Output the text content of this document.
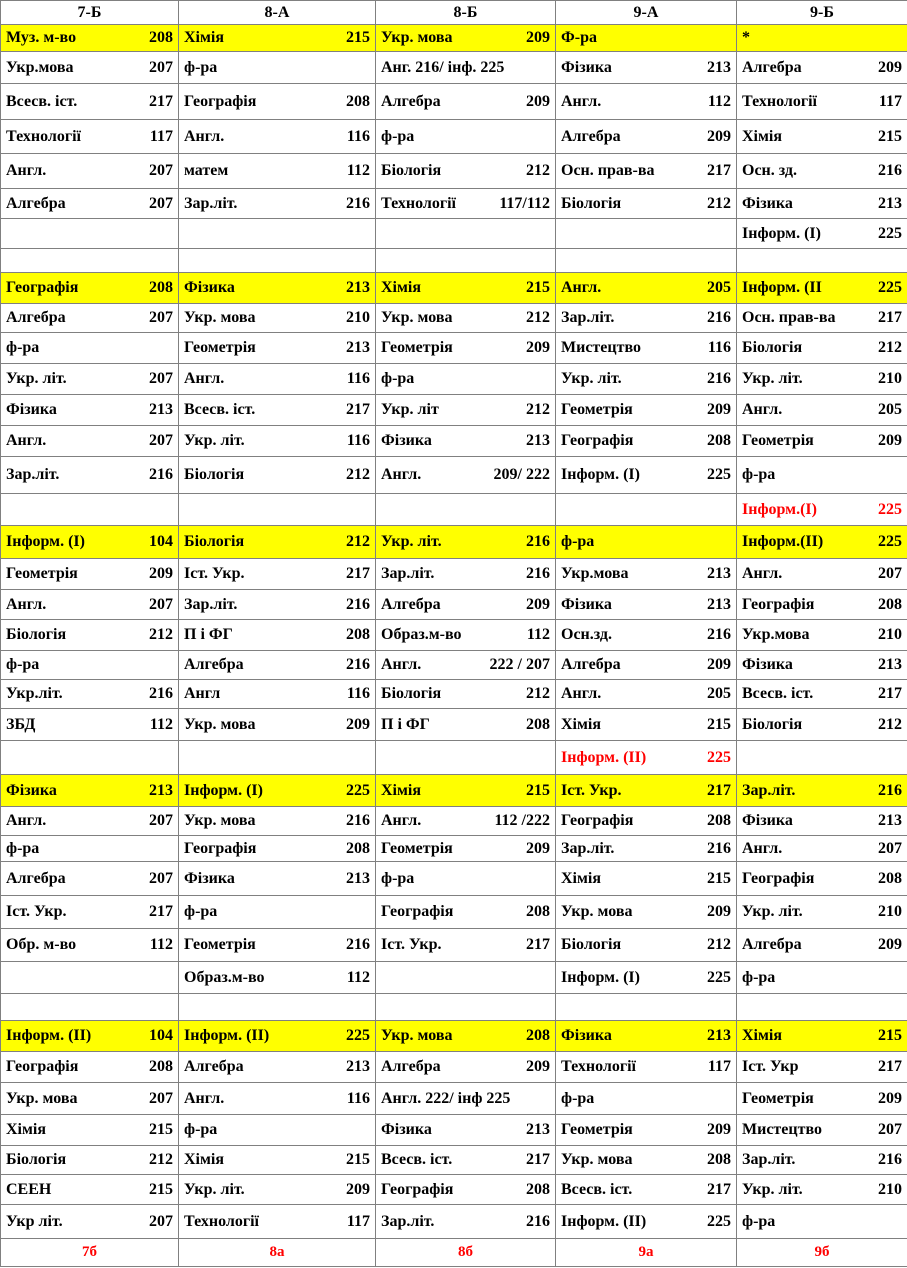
7-Б	8-А	8-Б	9-А	9-Б

Муз. м-во 208	Хімія 215	Укр. мова 209	Ф-ра	*

Укр.мова 207	ф-ра	Анг. 216/ інф. 225	Фізика 213	Алгебра 209

Всесв. іст. 217	Географія 208	Алгебра 209	Англ. 112	Технології 117

Технології 117	Англ. 116	ф-ра	Алгебра 209	Хімія 215

Англ. 207	матем 112	Біологія 212	Осн. прав-ва 217	Осн. зд. 216

Алгебра 207	Зар.літ. 216	Технології 117/112	Біологія 212	Фізика 213

				Інформ. (І) 225

Географія 208	Фізика 213	Хімія 215	Англ. 205	Інформ. (ІІ 225

Алгебра 207	Укр. мова 210	Укр. мова 212	Зар.літ. 216	Осн. прав-ва 217

ф-ра	Геометрія 213	Геометрія 209	Мистецтво 116	Біологія 212

Укр. літ. 207	Англ. 116	ф-ра	Укр. літ. 216	Укр. літ. 210

Фізика 213	Всесв. іст. 217	Укр. літ 212	Геометрія 209	Англ. 205

Англ. 207	Укр. літ. 116	Фізика 213	Географія 208	Геометрія 209

Зар.літ. 216	Біологія 212	Англ. 209/ 222	Інформ. (І) 225	ф-ра

				Інформ.(І) 225

Інформ. (І) 104	Біологія 212	Укр. літ. 216	ф-ра	Інформ.(ІІ) 225

Геометрія 209	Іст. Укр. 217	Зар.літ. 216	Укр.мова 213	Англ. 207

Англ. 207	Зар.літ. 216	Алгебра 209	Фізика 213	Географія 208

Біологія 212	П і ФГ 208	Образ.м-во 112	Осн.зд. 216	Укр.мова 210

ф-ра	Алгебра 216	Англ. 222 / 207	Алгебра 209	Фізика 213

Укр.літ. 216	Англ 116	Біологія 212	Англ. 205	Всесв. іст. 217

ЗБД 112	Укр. мова 209	П і ФГ 208	Хімія 215	Біологія 212

			Інформ. (ІІ) 225	

Фізика 213	Інформ. (І) 225	Хімія 215	Іст. Укр. 217	Зар.літ. 216

Англ. 207	Укр. мова 216	Англ. 112 /222	Географія 208	Фізика 213

ф-ра	Географія 208	Геометрія 209	Зар.літ. 216	Англ. 207

Алгебра 207	Фізика 213	ф-ра	Хімія 215	Географія 208

Іст. Укр. 217	ф-ра	Географія 208	Укр. мова 209	Укр. літ. 210

Обр. м-во 112	Геометрія 216	Іст. Укр. 217	Біологія 212	Алгебра 209

	Образ.м-во 112		Інформ. (І) 225	ф-ра

Інформ. (ІІ) 104	Інформ. (ІІ) 225	Укр. мова 208	Фізика 213	Хімія 215

Географія 208	Алгебра 213	Алгебра 209	Технології 117	Іст. Укр 217

Укр. мова 207	Англ. 116	Англ. 222/ інф 225	ф-ра	Геометрія 209

Хімія 215	ф-ра	Фізика 213	Геометрія 209	Мистецтво 207

Біологія 212	Хімія 215	Всесв. іст. 217	Укр. мова 208	Зар.літ. 216

СЕЕН 215	Укр. літ. 209	Географія 208	Всесв. іст. 217	Укр. літ. 210

Укр літ. 207	Технології 117	Зар.літ. 216	Інформ. (ІІ) 225	ф-ра

7б	8а	8б	9а	9б
